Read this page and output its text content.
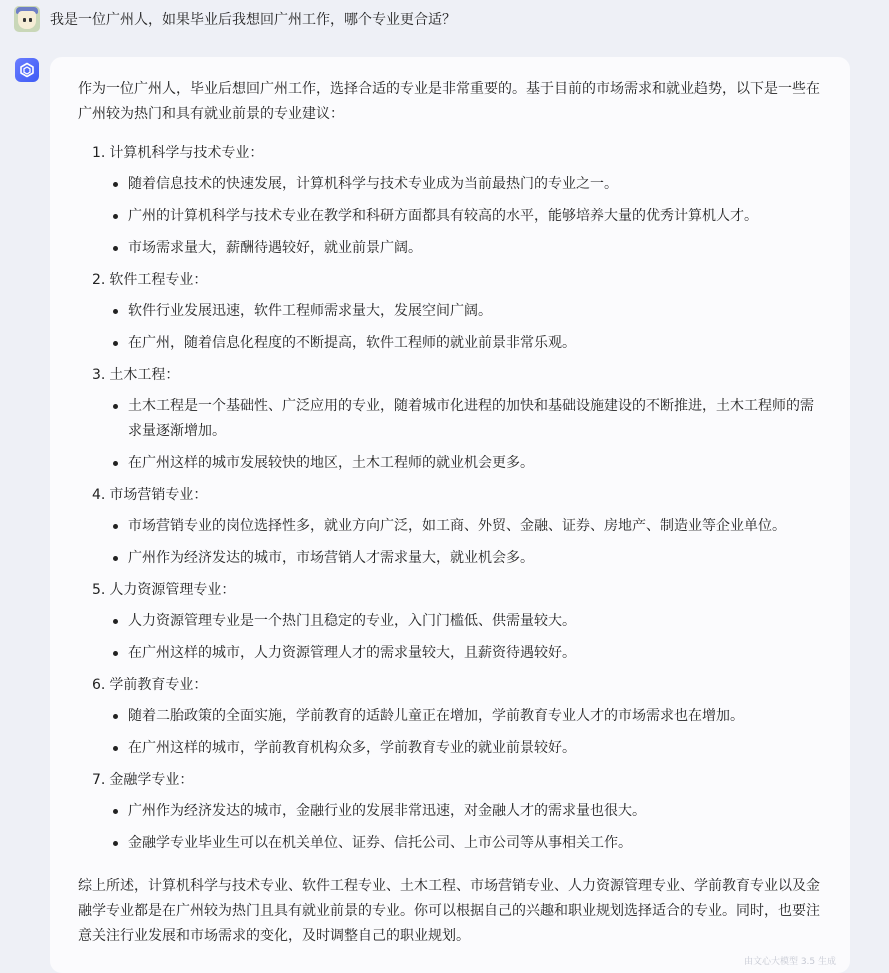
我是一位广州人，如果毕业后我想回广州工作，哪个专业更合适？

作为一位广州人，毕业后想回广州工作，选择合适的专业是非常重要的。基于目前的市场需求和就业趋势，以下是一些在广州较为热门和具有就业前景的专业建议：

1. 计算机科学与技术专业：
随着信息技术的快速发展，计算机科学与技术专业成为当前最热门的专业之一。
广州的计算机科学与技术专业在教学和科研方面都具有较高的水平，能够培养大量的优秀计算机人才。
市场需求量大，薪酬待遇较好，就业前景广阔。
2. 软件工程专业：
软件行业发展迅速，软件工程师需求量大，发展空间广阔。
在广州，随着信息化程度的不断提高，软件工程师的就业前景非常乐观。
3. 土木工程：
土木工程是一个基础性、广泛应用的专业，随着城市化进程的加快和基础设施建设的不断推进，土木工程师的需求量逐渐增加。
在广州这样的城市发展较快的地区，土木工程师的就业机会更多。
4. 市场营销专业：
市场营销专业的岗位选择性多，就业方向广泛，如工商、外贸、金融、证券、房地产、制造业等企业单位。
广州作为经济发达的城市，市场营销人才需求量大，就业机会多。
5. 人力资源管理专业：
人力资源管理专业是一个热门且稳定的专业，入门门槛低、供需量较大。
在广州这样的城市，人力资源管理人才的需求量较大，且薪资待遇较好。
6. 学前教育专业：
随着二胎政策的全面实施，学前教育的适龄儿童正在增加，学前教育专业人才的市场需求也在增加。
在广州这样的城市，学前教育机构众多，学前教育专业的就业前景较好。
7. 金融学专业：
广州作为经济发达的城市，金融行业的发展非常迅速，对金融人才的需求量也很大。
金融学专业毕业生可以在机关单位、证券、信托公司、上市公司等从事相关工作。

综上所述，计算机科学与技术专业、软件工程专业、土木工程、市场营销专业、人力资源管理专业、学前教育专业以及金融学专业都是在广州较为热门且具有就业前景的专业。你可以根据自己的兴趣和职业规划选择适合的专业。同时，也要注意关注行业发展和市场需求的变化，及时调整自己的职业规划。

由文心大模型 3.5 生成
